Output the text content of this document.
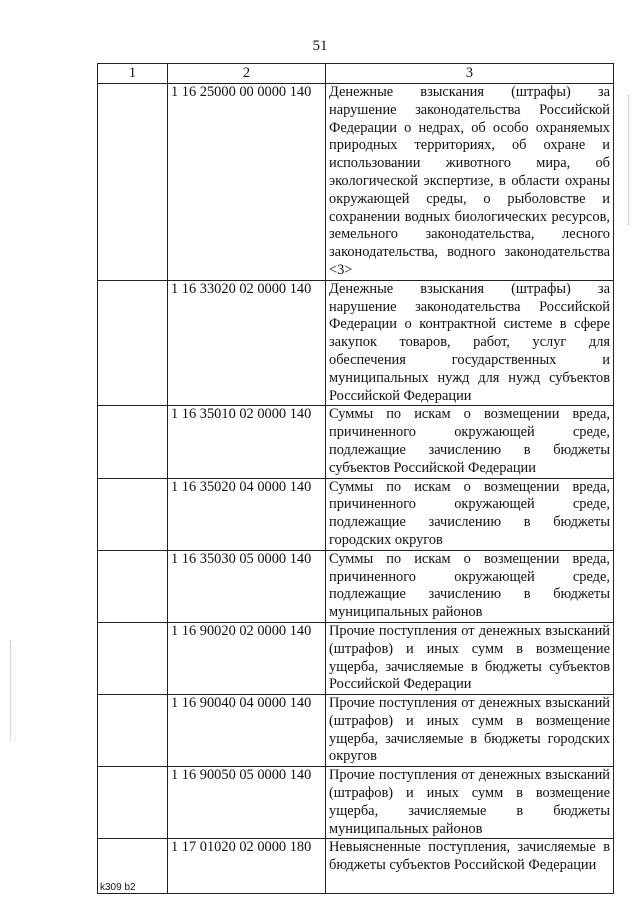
51
1	2	3
	1 16 25000 00 0000 140	Денежные взыскания (штрафы) за нарушение законодательства Российской Федерации о недрах, об особо охраняемых природных территориях, об охране и использовании животного мира, об экологической экспертизе, в области охраны окружающей среды, о рыболовстве и сохранении водных биологических ресурсов, земельного законодательства, лесного законодательства, водного законодательства <3>
	1 16 33020 02 0000 140	Денежные взыскания (штрафы) за нарушение законодательства Российской Федерации о контрактной системе в сфере закупок товаров, работ, услуг для обеспечения государственных и муниципальных нужд для нужд субъектов Российской Федерации
	1 16 35010 02 0000 140	Суммы по искам о возмещении вреда, причиненного окружающей среде, подлежащие зачислению в бюджеты субъектов Российской Федерации
	1 16 35020 04 0000 140	Суммы по искам о возмещении вреда, причиненного окружающей среде, подлежащие зачислению в бюджеты городских округов
	1 16 35030 05 0000 140	Суммы по искам о возмещении вреда, причиненного окружающей среде, подлежащие зачислению в бюджеты муниципальных районов
	1 16 90020 02 0000 140	Прочие поступления от денежных взысканий (штрафов) и иных сумм в возмещение ущерба, зачисляемые в бюджеты субъектов Российской Федерации
	1 16 90040 04 0000 140	Прочие поступления от денежных взысканий (штрафов) и иных сумм в возмещение ущерба, зачисляемые в бюджеты городских округов
	1 16 90050 05 0000 140	Прочие поступления от денежных взысканий (штрафов) и иных сумм в возмещение ущерба, зачисляемые в бюджеты муниципальных районов
	1 17 01020 02 0000 180	Невыясненные поступления, зачисляемые в бюджеты субъектов Российской Федерации
k309 b2
